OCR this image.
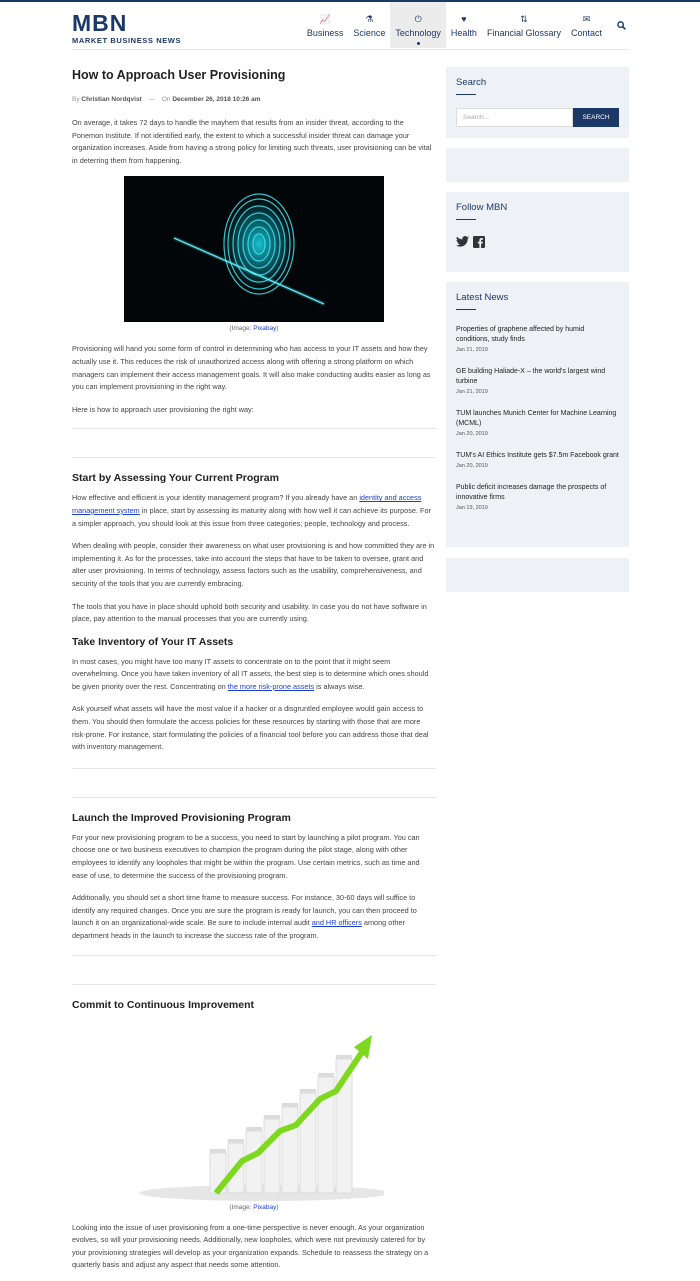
MBN
MARKET BUSINESS NEWS
📈
Business
⚗
Science
⏻
Technology
♥
Health
⇅
Financial Glossary
✉
Contact
How to Approach User Provisioning
By Christian Nordqvist — On December 26, 2018 10:26 am

On average, it takes 72 days to handle the mayhem that results from an insider threat, according to the Ponemon Institute. If not identified early, the extent to which a successful insider threat can damage your organization increases. Aside from having a strong policy for limiting such threats, user provisioning can be vital in deterring them from happening.

(Image: Pixabay)

Provisioning will hand you some form of control in determining who has access to your IT assets and how they actually use it. This reduces the risk of unauthorized access along with offering a strong platform on which managers can implement their access management goals. It will also make conducting audits easier as long as you can implement provisioning in the right way.

Here is how to approach user provisioning the right way:

Start by Assessing Your Current Program

How effective and efficient is your identity management program? If you already have an identity and access management system in place, start by assessing its maturity along with how well it can achieve its purpose. For a simpler approach, you should look at this issue from three categories; people, technology and process.

When dealing with people, consider their awareness on what user provisioning is and how committed they are in implementing it. As for the processes, take into account the steps that have to be taken to oversee, grant and alter user provisioning. In terms of technology, assess factors such as the usability, comprehensiveness, and security of the tools that you are currently embracing.

The tools that you have in place should uphold both security and usability. In case you do not have software in place, pay attention to the manual processes that you are currently using.

Take Inventory of Your IT Assets

In most cases, you might have too many IT assets to concentrate on to the point that it might seem overwhelming. Once you have taken inventory of all IT assets, the best step is to determine which ones should be given priority over the rest. Concentrating on the more risk-prone assets is always wise.

Ask yourself what assets will have the most value if a hacker or a disgruntled employee would gain access to them. You should then formulate the access policies for these resources by starting with those that are more risk-prone. For instance, start formulating the policies of a financial tool before you can address those that deal with inventory management.

Launch the Improved Provisioning Program

For your new provisioning program to be a success, you need to start by launching a pilot program. You can choose one or two business executives to champion the program during the pilot stage, along with other employees to identify any loopholes that might be within the program. Use certain metrics, such as time and ease of use, to determine the success of the provisioning program.

Additionally, you should set a short time frame to measure success. For instance, 30-60 days will suffice to identify any required changes. Once you are sure the program is ready for launch, you can then proceed to launch it on an organizational-wide scale. Be sure to include internal audit and HR officers among other department heads in the launch to increase the success rate of the program.

Commit to Continuous Improvement
(Image: Pixabay)

Looking into the issue of user provisioning from a one-time perspective is never enough. As your organization evolves, so will your provisioning needs. Additionally, new loopholes, which were not previously catered for by your provisioning strategies will develop as your organization expands. Schedule to reassess the strategy on a quarterly basis and adjust any aspect that needs some attention.

Search
Search...	SEARCH
Follow MBN
Latest News
Properties of graphene affected by humid conditions, study finds
Jan 21, 2019
GE building Haliade-X – the world's largest wind turbine
Jan 21, 2019
TUM launches Munich Center for Machine Learning (MCML)
Jan 20, 2019
TUM's AI Ethics Institute gets $7.5m Facebook grant
Jan 20, 2019
Public deficit increases damage the prospects of innovative firms
Jan 19, 2019
